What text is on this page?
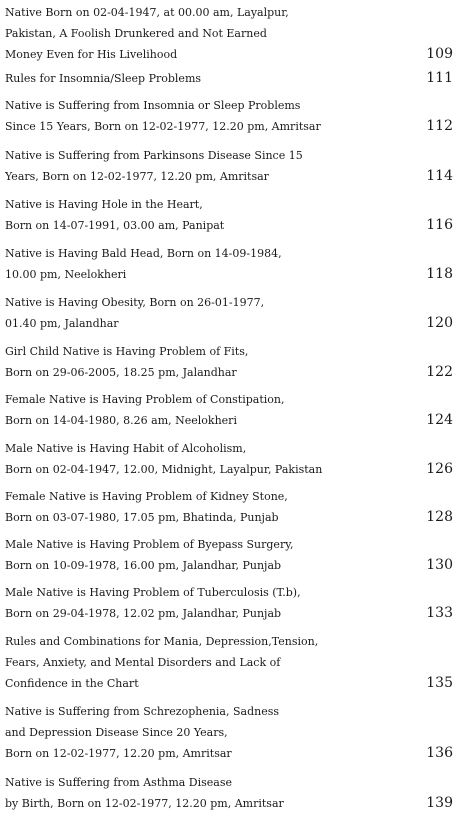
Native Born on 02-04-1947, at 00.00 am, Layalpur,
Pakistan, A Foolish Drunkered and Not Earned
Money Even for His Livelihood	109
Rules for Insomnia/Sleep Problems	111
Native is Suffering from Insomnia or Sleep Problems
Since 15 Years, Born on 12-02-1977, 12.20 pm, Amritsar	112
Native is Suffering from Parkinsons Disease Since 15
Years, Born on 12-02-1977, 12.20 pm, Amritsar	114
Native is Having Hole in the Heart,
Born on 14-07-1991, 03.00 am, Panipat	116
Native is Having Bald Head, Born on 14-09-1984,
10.00 pm, Neelokheri	118
Native is Having Obesity, Born on 26-01-1977,
01.40 pm, Jalandhar	120
Girl Child Native is Having Problem of Fits,
Born on 29-06-2005, 18.25 pm, Jalandhar	122
Female Native is Having Problem of Constipation,
Born on 14-04-1980, 8.26 am, Neelokheri	124
Male Native is Having Habit of Alcoholism,
Born on 02-04-1947, 12.00, Midnight, Layalpur, Pakistan	126
Female Native is Having Problem of Kidney Stone,
Born on 03-07-1980, 17.05 pm, Bhatinda, Punjab	128
Male Native is Having Problem of Byepass Surgery,
Born on 10-09-1978, 16.00 pm, Jalandhar, Punjab	130
Male Native is Having Problem of Tuberculosis (T.b),
Born on 29-04-1978, 12.02 pm, Jalandhar, Punjab	133
Rules and Combinations for Mania, Depression,Tension,
Fears, Anxiety, and Mental Disorders and Lack of
Confidence in the Chart	135
Native is Suffering from Schrezophenia, Sadness
and Depression Disease Since 20 Years,
Born on 12-02-1977, 12.20 pm, Amritsar	136
Native is Suffering from Asthma Disease
by Birth, Born on 12-02-1977, 12.20 pm, Amritsar	139
